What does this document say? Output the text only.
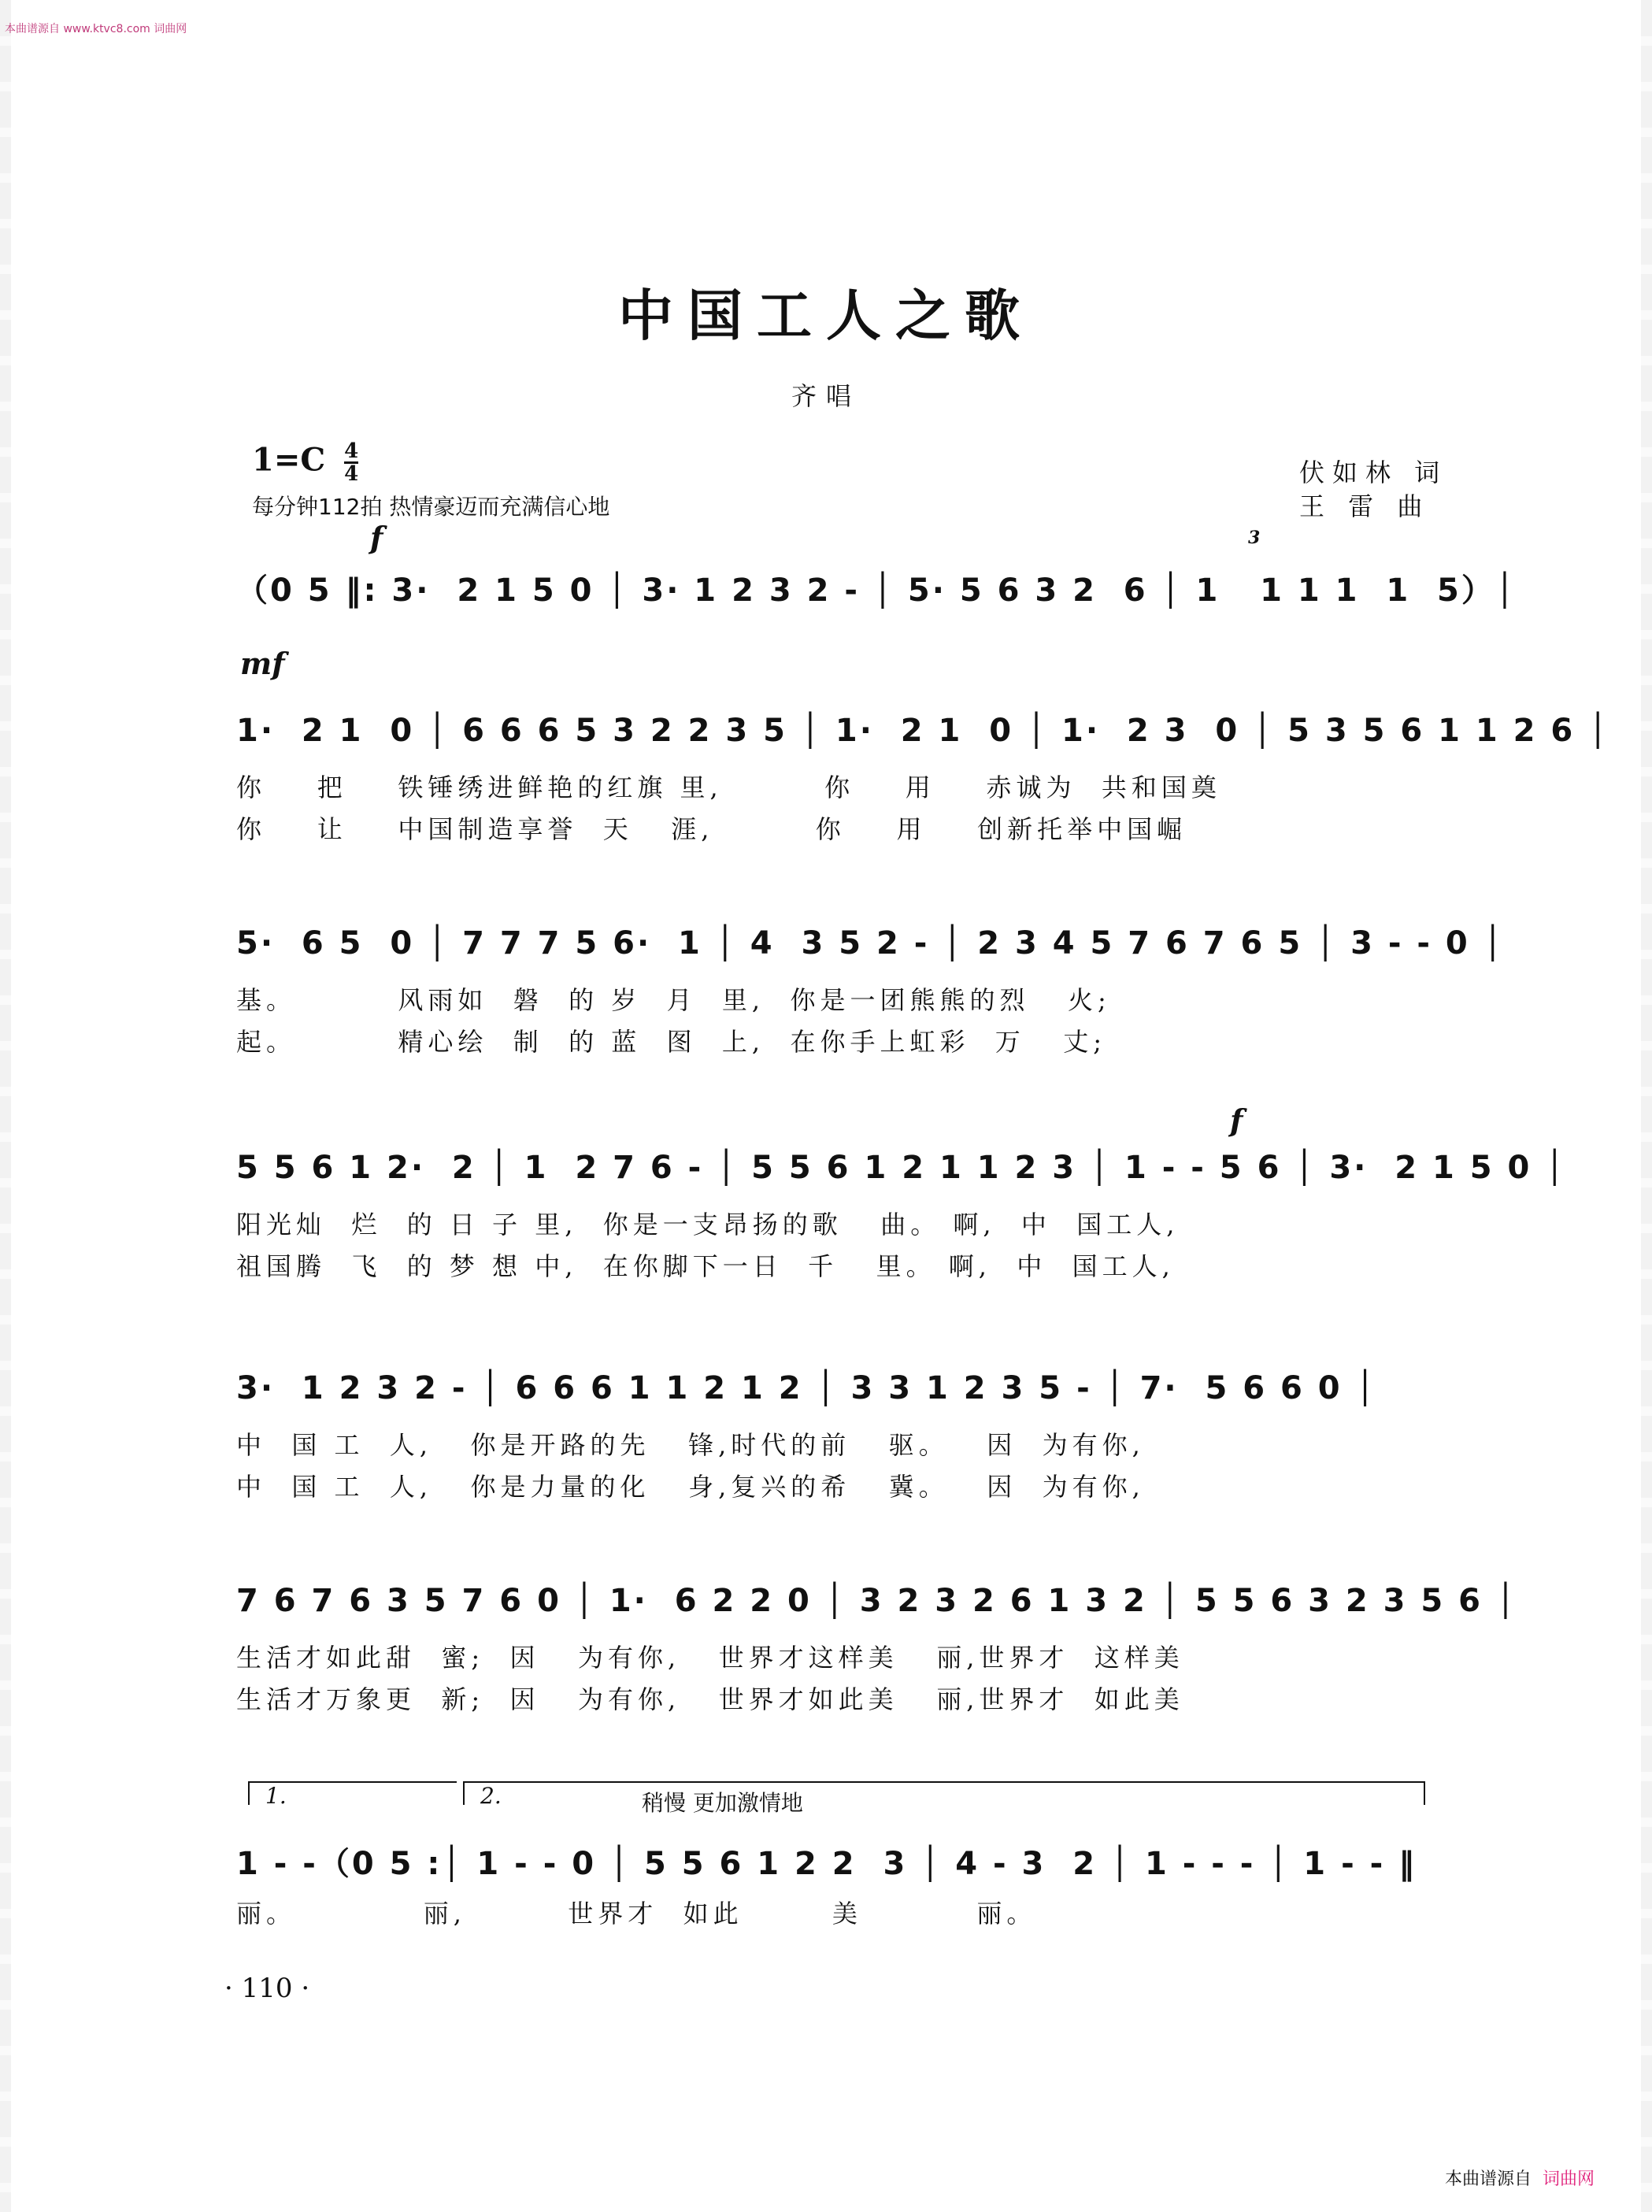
本曲谱源自 www.ktvc8.com 词曲网
中国工人之歌
齐唱
$1=C \frac{4}{4}$
每分钟112拍 热情豪迈而充满信心地
伏如林 词
王 雷 曲
f	3
（0 5 ‖: 3·  2 1 5 0 │ 3· 1 2 3 2 - │ 5· 5 6 3 2  6 │ 1   1 1 1  1  5）│
mf
1·  2 1  0 │ 6 6 6 5 3 2 2 3 5 │ 1·  2 1  0 │ 1·  2 3  0 │ 5 3 5 6 1 1 2 6 │
你    把    铁锤绣进鲜艳的红旗 里,        你    用    赤诚为  共和国奠
你    让    中国制造享誉  天   涯,        你    用    创新托举中国崛
5·  6 5  0 │ 7 7 7 5 6·  1 │ 4  3 5 2 - │ 2 3 4 5 7 6 7 6 5 │ 3 - - 0 │
基。        风雨如  磐  的 岁  月  里,  你是一团熊熊的烈   火;
起。        精心绘  制  的 蓝  图  上,  在你手上虹彩  万   丈;
f
5 5 6 1 2·  2 │ 1  2 7 6 - │ 5 5 6 1 2 1 1 2 3 │ 1 - - 5 6 │ 3·  2 1 5 0 │
阳光灿  烂  的 日 子 里,  你是一支昂扬的歌   曲。 啊,  中  国工人,
祖国腾  飞  的 梦 想 中,  在你脚下一日  千   里。 啊,  中  国工人,
3·  1 2 3 2 - │ 6 6 6 1 1 2 1 2 │ 3 3 1 2 3 5 - │ 7·  5 6 6 0 │
中  国 工  人,   你是开路的先   锋,时代的前   驱。   因  为有你,
中  国 工  人,   你是力量的化   身,复兴的希   冀。   因  为有你,
7 6 7 6 3 5 7 6 0 │ 1·  6 2 2 0 │ 3 2 3 2 6 1 3 2 │ 5 5 6 3 2 3 5 6 │
生活才如此甜  蜜;  因   为有你,   世界才这样美   丽,世界才  这样美
生活才万象更  新;  因   为有你,   世界才如此美   丽,世界才  如此美
1.	2.	稍慢 更加激情地
1 - -（0 5 :│ 1 - - 0 │ 5 5 6 1 2 2  3 │ 4 - 3  2 │ 1 - - - │ 1 - - ‖
丽。          丽,        世界才  如此       美         丽。
· 110 ·
本曲谱源自 词曲网
